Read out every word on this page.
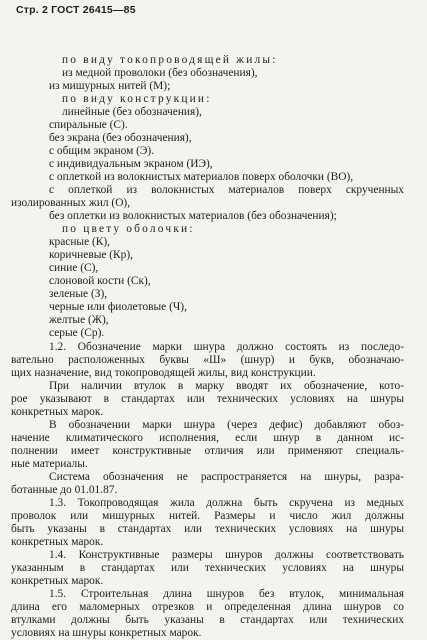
Стр. 2 ГОСТ 26415—85
по виду токопроводящей жилы:
из медной проволоки (без обозначения),
из мишурных нитей (М);
по виду конструкции:
линейные (без обозначения),
спиральные (С).
без экрана (без обозначения),
с общим экраном (Э).
с индивидуальным экраном (ИЭ),
с оплеткой из волокнистых материалов поверх оболочки (ВО),
с оплеткой из волокнистых материалов поверх скрученных
изолированных жил (О),
без оплетки из волокнистых материалов (без обозначения);
по цвету оболочки:
красные (К),
коричневые (Кр),
синие (С),
слоновой кости (Ск),
зеленые (З),
черные или фиолетовые (Ч),
желтые (Ж),
серые (Ср).
1.2. Обозначение марки шнура должно состоять из последо-
вательно расположенных буквы «Ш» (шнур) и букв, обозначаю-
щих назначение, вид токопроводящей жилы, вид конструкции.
При наличии втулок в марку вводят их обозначение, кото-
рое указывают в стандартах или технических условиях на шнуры
конкретных марок.
В обозначении марки шнура (через дефис) добавляют обоз-
начение климатического исполнения, если шнур в данном ис-
полнении имеет конструктивные отличия или применяют специаль-
ные материалы.
Система обозначения не распространяется на шнуры, разра-
ботанные до 01.01.87.
1.3. Токопроводящая жила должна быть скручена из медных
проволок или мишурных нитей. Размеры и число жил должны
быть указаны в стандартах или технических условиях на шнуры
конкретных марок.
1.4. Конструктивные размеры шнуров должны соответствовать
указанным в стандартах или технических условиях на шнуры
конкретных марок.
1.5. Строительная длина шнуров без втулок, минимальная
длина его маломерных отрезков и определенная длина шнуров со
втулками должны быть указаны в стандартах или технических
условиях на шнуры конкретных марок.
